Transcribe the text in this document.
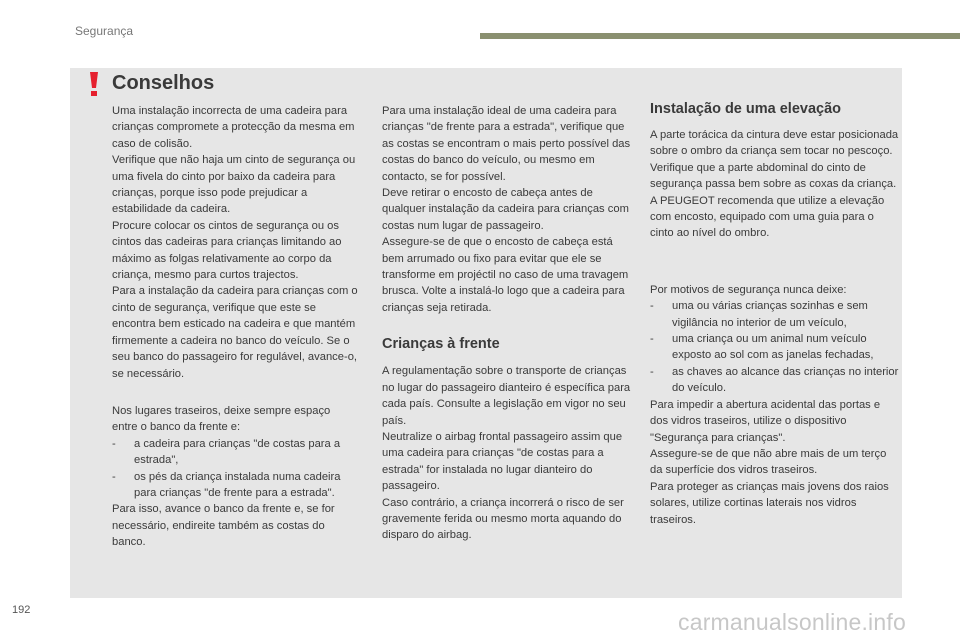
Segurança
Conselhos

Uma instalação incorrecta de uma cadeira para crianças compromete a protecção da mesma em caso de colisão.

Verifique que não haja um cinto de segurança ou uma fivela do cinto por baixo da cadeira para crianças, porque isso pode prejudicar a estabilidade da cadeira.

Procure colocar os cintos de segurança ou os cintos das cadeiras para crianças limitando ao máximo as folgas relativamente ao corpo da criança, mesmo para curtos trajectos.

Para a instalação da cadeira para crianças com o cinto de segurança, verifique que este se encontra bem esticado na cadeira e que mantém firmemente a cadeira no banco do veículo. Se o seu banco do passageiro for regulável, avance-o, se necessário.

Nos lugares traseiros, deixe sempre espaço entre o banco da frente e:

-	a cadeira para crianças "de costas para a estrada",
-	os pés da criança instalada numa cadeira para crianças "de frente para a estrada".

Para isso, avance o banco da frente e, se for necessário, endireite também as costas do banco.

Para uma instalação ideal de uma cadeira para crianças "de frente para a estrada", verifique que as costas se encontram o mais perto possível das costas do banco do veículo, ou mesmo em contacto, se for possível.

Deve retirar o encosto de cabeça antes de qualquer instalação da cadeira para crianças com costas num lugar de passageiro.

Assegure-se de que o encosto de cabeça está bem arrumado ou fixo para evitar que ele se transforme em projéctil no caso de uma travagem brusca. Volte a instalá-lo logo que a cadeira para crianças seja retirada.

Crianças à frente

A regulamentação sobre o transporte de crianças no lugar do passageiro dianteiro é específica para cada país. Consulte a legislação em vigor no seu país.

Neutralize o airbag frontal passageiro assim que uma cadeira para crianças "de costas para a estrada" for instalada no lugar dianteiro do passageiro.

Caso contrário, a criança incorrerá o risco de ser gravemente ferida ou mesmo morta aquando do disparo do airbag.

Instalação de uma elevação

A parte torácica da cintura deve estar posicionada sobre o ombro da criança sem tocar no pescoço.

Verifique que a parte abdominal do cinto de segurança passa bem sobre as coxas da criança.

A PEUGEOT recomenda que utilize a elevação com encosto, equipado com uma guia para o cinto ao nível do ombro.

Por motivos de segurança nunca deixe:

-	uma ou várias crianças sozinhas e sem vigilância no interior de um veículo,
-	uma criança ou um animal num veículo exposto ao sol com as janelas fechadas,
-	as chaves ao alcance das crianças no interior do veículo.

Para impedir a abertura acidental das portas e dos vidros traseiros, utilize o dispositivo "Segurança para crianças".

Assegure-se de que não abre mais de um terço da superfície dos vidros traseiros.

Para proteger as crianças mais jovens dos raios solares, utilize cortinas laterais nos vidros traseiros.

192	carmanualsonline.info
